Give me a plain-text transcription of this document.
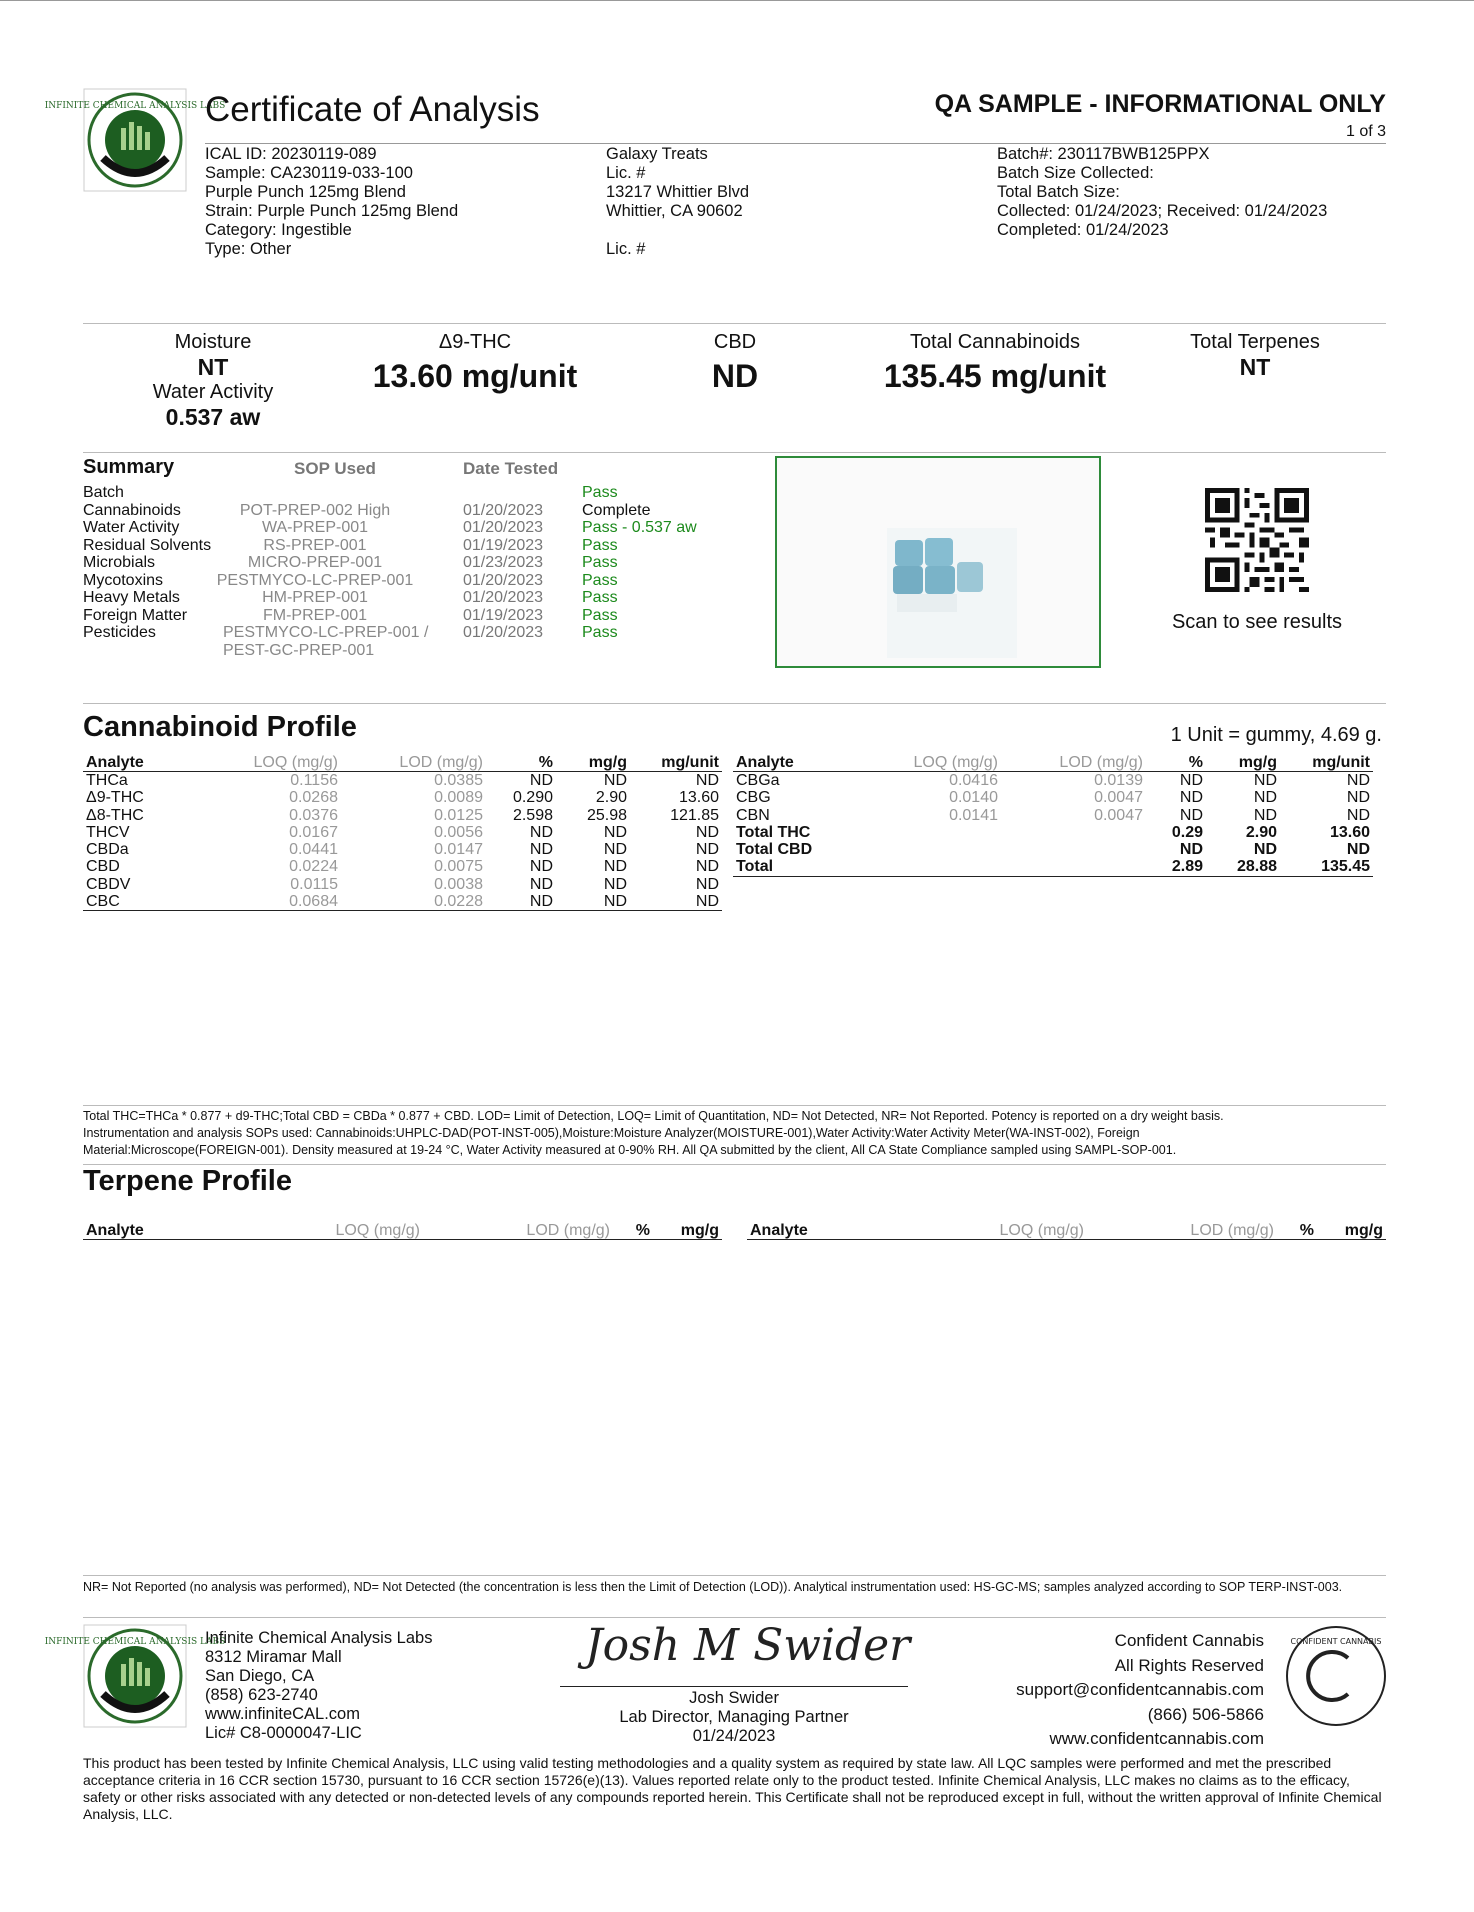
INFINITE CHEMICAL ANALYSIS LABS
Certificate of Analysis	QA SAMPLE - INFORMATIONAL ONLY
1 of 3
ICAL ID: 20230119-089
Sample: CA230119-033-100
Purple Punch 125mg Blend
Strain: Purple Punch 125mg Blend
Category: Ingestible
Type: Other
Galaxy Treats
Lic. #
13217 Whittier Blvd
Whittier, CA 90602
Lic. #
Batch#: 230117BWB125PPX
Batch Size Collected:
Total Batch Size:
Collected: 01/24/2023; Received: 01/24/2023
Completed: 01/24/2023
Moisture
NT
Water Activity
0.537 aw
Δ9-THC
13.60 mg/unit
CBD
ND
Total Cannabinoids
135.45 mg/unit
Total Terpenes
NT
Summary	SOP Used	Date Tested
Batch	Pass
Cannabinoids	POT-PREP-002 High	01/20/2023 Complete
Water Activity	WA-PREP-001	01/20/2023 Pass - 0.537 aw
Residual Solvents	RS-PREP-001	01/19/2023 Pass
Microbials	MICRO-PREP-001	01/23/2023 Pass
Mycotoxins	PESTMYCO-LC-PREP-001	01/20/2023 Pass
Heavy Metals	HM-PREP-001	01/20/2023 Pass
Foreign Matter	FM-PREP-001	01/19/2023 Pass
Pesticides	PESTMYCO-LC-PREP-001 / 01/20/2023 Pass
PEST-GC-PREP-001
Scan to see results
Cannabinoid Profile	1 Unit = gummy, 4.69 g.
Analyte	LOQ (mg/g)	LOD (mg/g)	%	mg/g	mg/unit
THCa	0.1156	0.0385	ND	ND	ND
Δ9-THC	0.0268	0.0089	0.290	2.90	13.60
Δ8-THC	0.0376	0.0125	2.598	25.98	121.85
THCV	0.0167	0.0056	ND	ND	ND
CBDa	0.0441	0.0147	ND	ND	ND
CBD	0.0224	0.0075	ND	ND	ND
CBDV	0.0115	0.0038	ND	ND	ND
CBC	0.0684	0.0228	ND	ND	ND
Analyte	LOQ (mg/g)	LOD (mg/g)	%	mg/g	mg/unit
CBGa	0.0416	0.0139	ND	ND	ND
CBG	0.0140	0.0047	ND	ND	ND
CBN	0.0141	0.0047	ND	ND	ND
Total THC			0.29	2.90	13.60
Total CBD			ND	ND	ND
Total			2.89	28.88	135.45
Total THC=THCa * 0.877 + d9-THC;Total CBD = CBDa * 0.877 + CBD. LOD= Limit of Detection, LOQ= Limit of Quantitation, ND= Not Detected, NR= Not Reported. Potency is reported on a dry weight basis.
Instrumentation and analysis SOPs used: Cannabinoids:UHPLC-DAD(POT-INST-005),Moisture:Moisture Analyzer(MOISTURE-001),Water Activity:Water Activity Meter(WA-INST-002), Foreign
Material:Microscope(FOREIGN-001). Density measured at 19-24 °C, Water Activity measured at 0-90% RH. All QA submitted by the client, All CA State Compliance sampled using SAMPL-SOP-001.
Terpene Profile
Analyte	LOQ (mg/g)	LOD (mg/g)	%	mg/g Analyte	LOQ (mg/g)	LOD (mg/g)	%	mg/g
NR= Not Reported (no analysis was performed), ND= Not Detected (the concentration is less then the Limit of Detection (LOD)). Analytical instrumentation used: HS-GC-MS; samples analyzed according to SOP TERP-INST-003.
INFINITE CHEMICAL ANALYSIS LABS
Infinite Chemical Analysis Labs
8312 Miramar Mall
San Diego, CA
(858) 623-2740
www.infiniteCAL.com
Lic# C8-0000047-LIC
Josh M Swider
Josh Swider
Lab Director, Managing Partner
01/24/2023
Confident Cannabis
All Rights Reserved
support@confidentcannabis.com
(866) 506-5866
www.confidentcannabis.com
CONFIDENT CANNABIS
This product has been tested by Infinite Chemical Analysis, LLC using valid testing methodologies and a quality system as required by state law. All LQC samples were performed and met the prescribed acceptance criteria in 16 CCR section 15730, pursuant to 16 CCR section 15726(e)(13). Values reported relate only to the product tested. Infinite Chemical Analysis, LLC makes no claims as to the efficacy, safety or other risks associated with any detected or non-detected levels of any compounds reported herein. This Certificate shall not be reproduced except in full, without the written approval of Infinite Chemical Analysis, LLC.
